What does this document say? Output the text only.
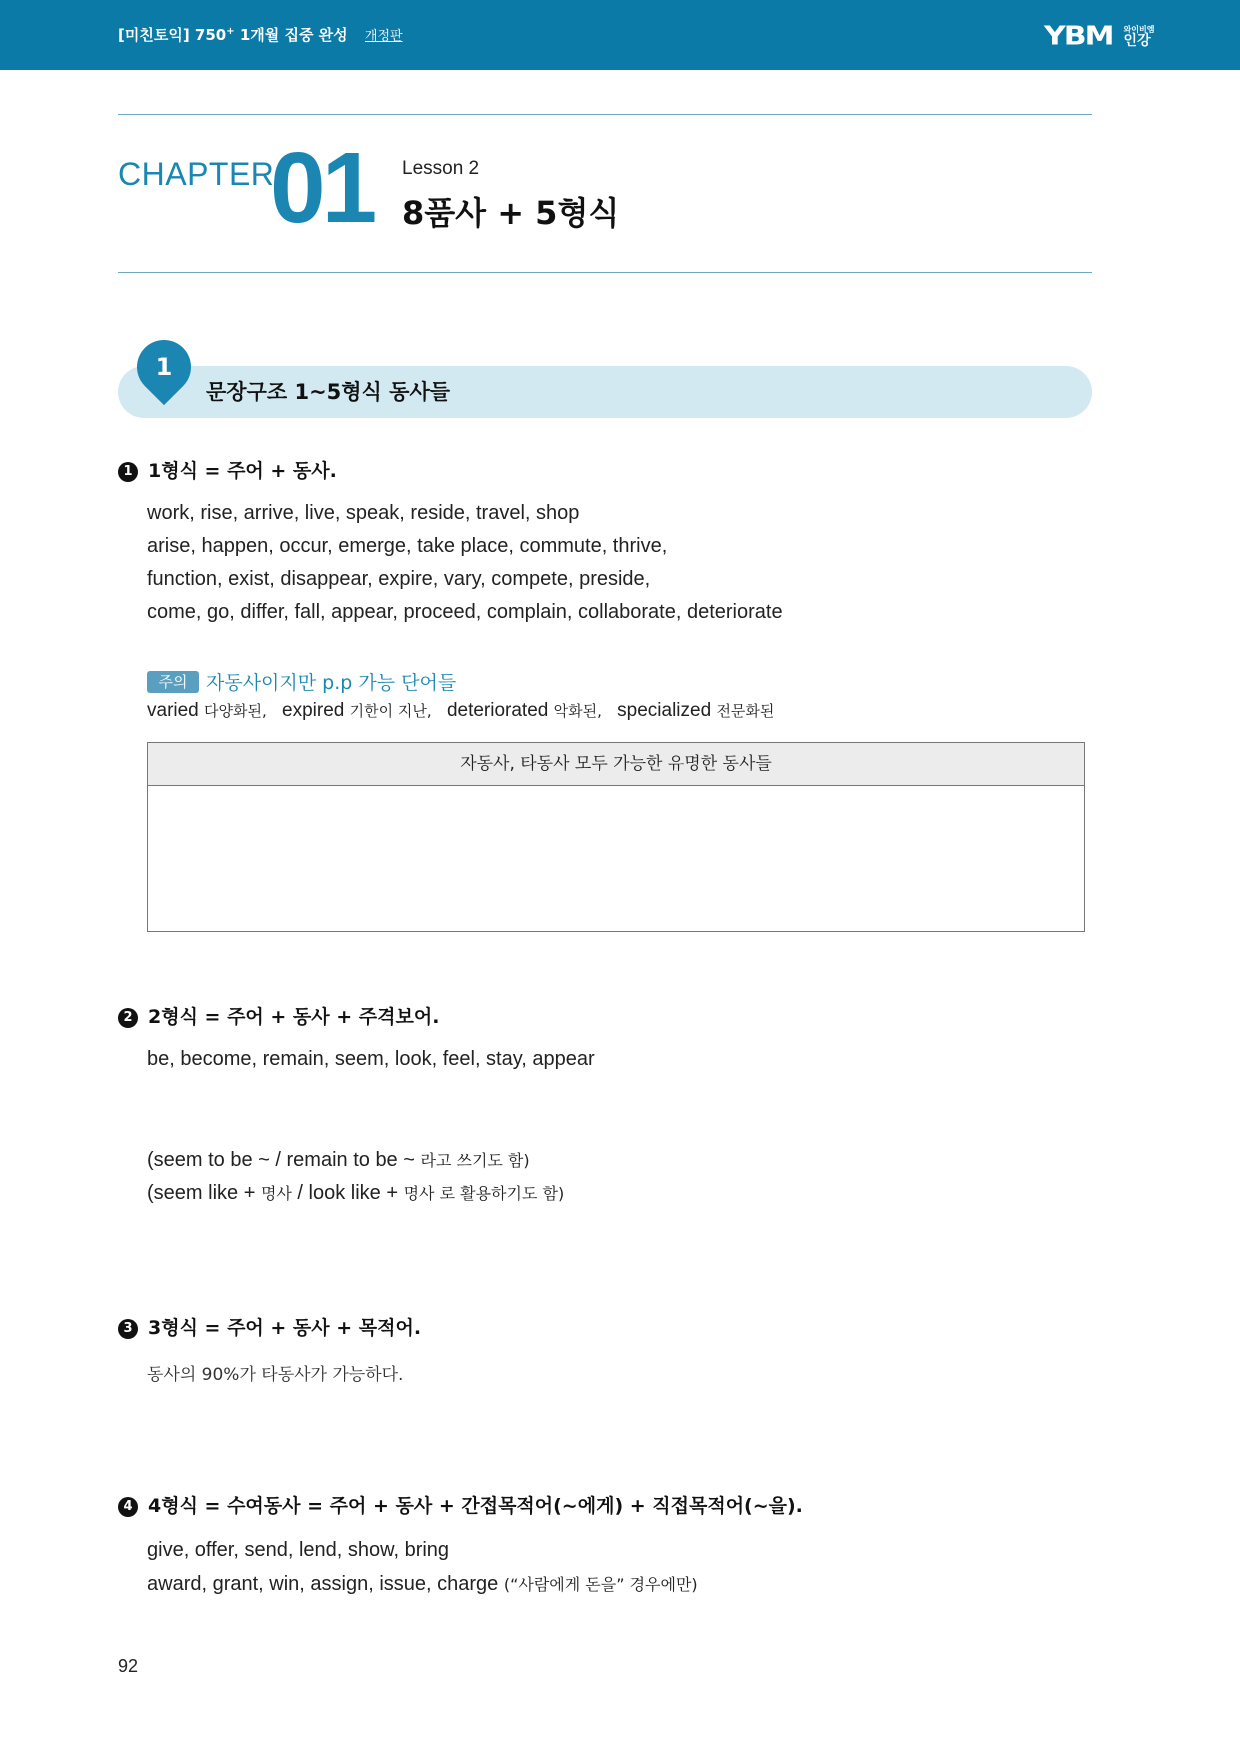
[미친토익] 750+ 1개월 집중 완성 개정판	YBM 와이비엠
인강
CHAPTER
01 Lesson 2
8품사 + 5형식
1
문장구조 1~5형식 동사들
1 1형식 = 주어 + 동사.
work, rise, arrive, live, speak, reside, travel, shop
arise, happen, occur, emerge, take place, commute, thrive,
function, exist, disappear, expire, vary, compete, preside,
come, go, differ, fall, appear, proceed, complain, collaborate, deteriorate
주의 자동사이지만 p.p 가능 단어들
varied 다양화된, expired 기한이 지난, deteriorated 악화된, specialized 전문화된
자동사, 타동사 모두 가능한 유명한 동사들
2 2형식 = 주어 + 동사 + 주격보어.
be, become, remain, seem, look, feel, stay, appear
(seem to be ~ / remain to be ~ 라고 쓰기도 함)
(seem like + 명사 / look like + 명사 로 활용하기도 함)
3 3형식 = 주어 + 동사 + 목적어.
동사의 90%가 타동사가 가능하다.
4 4형식 = 수여동사 = 주어 + 동사 + 간접목적어(~에게) + 직접목적어(~을).
give, offer, send, lend, show, bring
award, grant, win, assign, issue, charge (“사람에게 돈을” 경우에만)
92
